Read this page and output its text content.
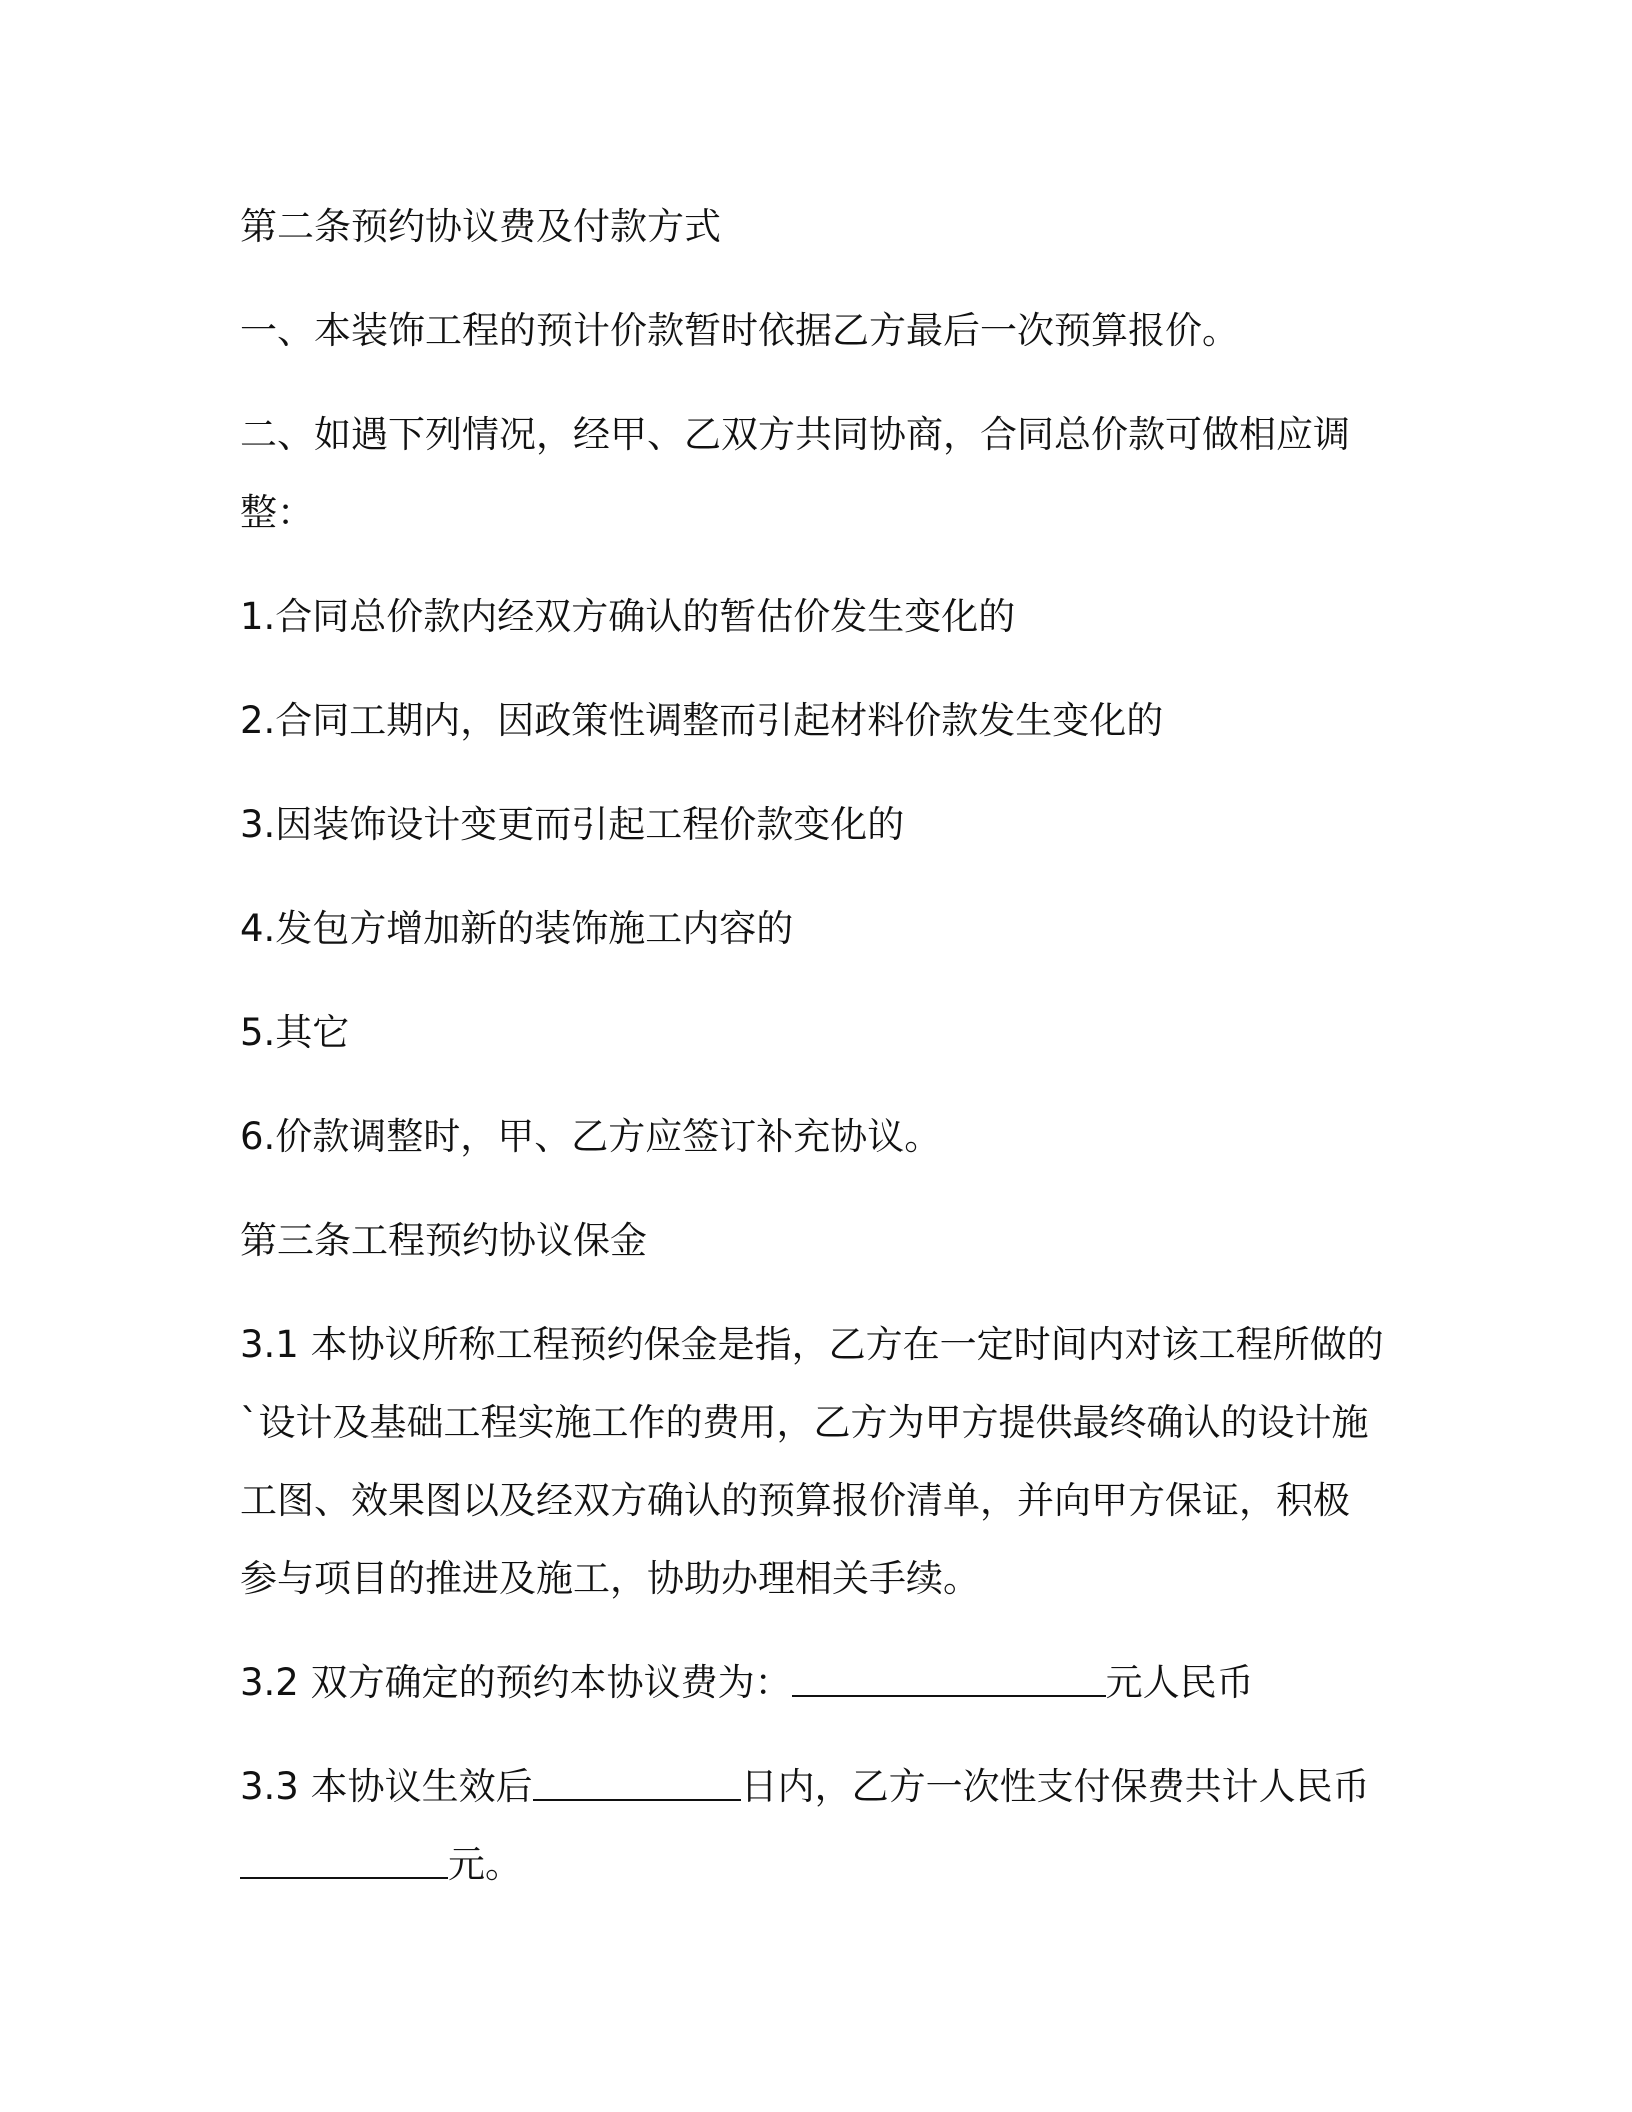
第二条预约协议费及付款方式

一、本装饰工程的预计价款暂时依据乙方最后一次预算报价。

二、如遇下列情况，经甲、乙双方共同协商，合同总价款可做相应调

整：

1.合同总价款内经双方确认的暂估价发生变化的

2.合同工期内，因政策性调整而引起材料价款发生变化的

3.因装饰设计变更而引起工程价款变化的

4.发包方增加新的装饰施工内容的

5.其它

6.价款调整时，甲、乙方应签订补充协议。

第三条工程预约协议保金

3.1 本协议所称工程预约保金是指，乙方在一定时间内对该工程所做的

`设计及基础工程实施工作的费用，乙方为甲方提供最终确认的设计施

工图、效果图以及经双方确认的预算报价清单，并向甲方保证，积极

参与项目的推进及施工，协助办理相关手续。

3.2 双方确定的预约本协议费为：	元人民币

3.3 本协议生效后	日内，乙方一次性支付保费共计人民币

元。
